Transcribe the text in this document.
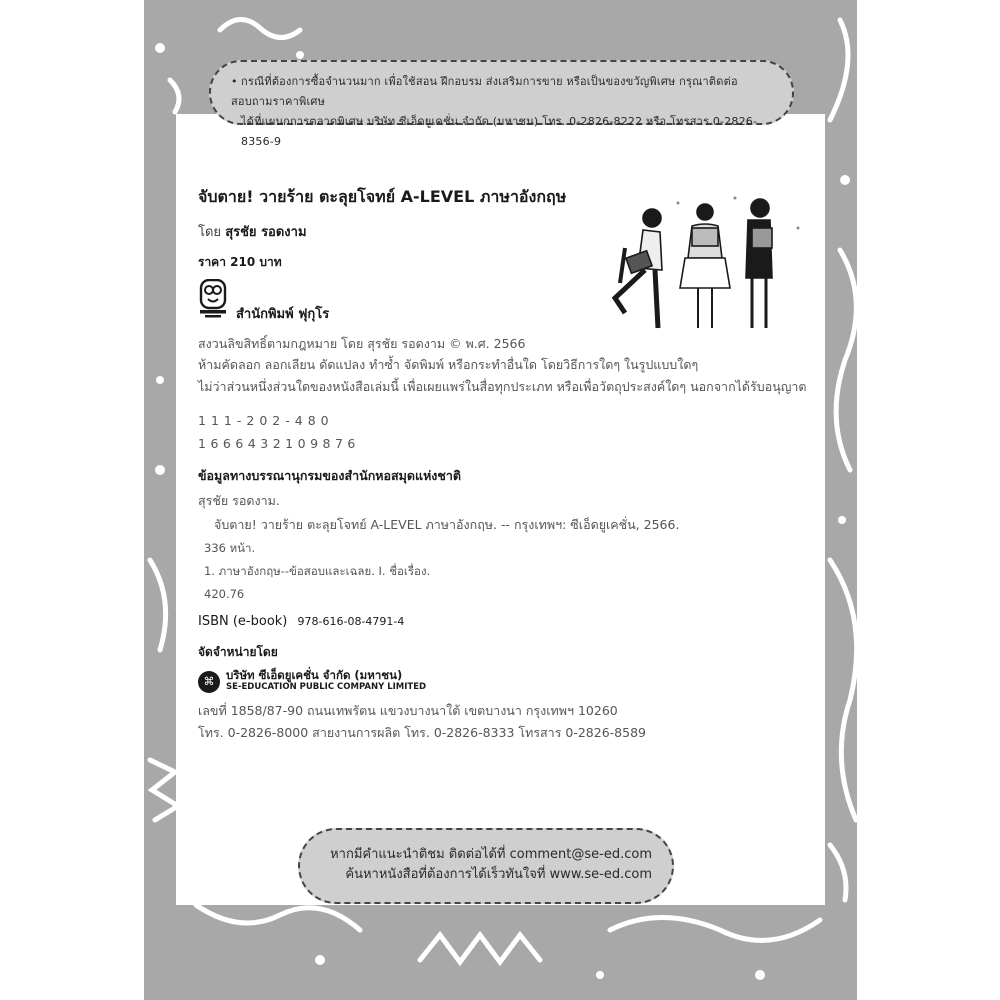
• กรณีที่ต้องการซื้อจำนวนมาก เพื่อใช้สอน ฝึกอบรม ส่งเสริมการขาย หรือเป็นของขวัญพิเศษ กรุณาติดต่อสอบถามราคาพิเศษ
ได้ที่แผนกการตลาดพิเศษ บริษัท ซีเอ็ดยูเคชั่น จำกัด (มหาชน) โทร. 0-2826-8222 หรือ โทรสาร 0-2826-8356-9
จับตาย! วายร้าย ตะลุยโจทย์ A-LEVEL ภาษาอังกฤษ
โดย สุรชัย รอดงาม
ราคา 210 บาท
สำนักพิมพ์ ฟุกุโร
สงวนลิขสิทธิ์ตามกฎหมาย โดย สุรชัย รอดงาม © พ.ศ. 2566
ห้ามคัดลอก ลอกเลียน ดัดแปลง ทำซ้ำ จัดพิมพ์ หรือกระทำอื่นใด โดยวิธีการใดๆ ในรูปแบบใดๆ
ไม่ว่าส่วนหนึ่งส่วนใดของหนังสือเล่มนี้ เพื่อเผยแพร่ในสื่อทุกประเภท หรือเพื่อวัตถุประสงค์ใดๆ นอกจากได้รับอนุญาต
111-202-480
1666432109876
ข้อมูลทางบรรณานุกรมของสำนักหอสมุดแห่งชาติ
สุรชัย รอดงาม.
จับตาย! วายร้าย ตะลุยโจทย์ A-LEVEL ภาษาอังกฤษ. -- กรุงเทพฯ: ซีเอ็ดยูเคชั่น, 2566.
336 หน้า.
1. ภาษาอังกฤษ--ข้อสอบและเฉลย. I. ชื่อเรื่อง.
420.76
ISBN (e-book) 978-616-08-4791-4
จัดจำหน่ายโดย
⌘	บริษัท ซีเอ็ดยูเคชั่น จำกัด (มหาชน)
SE-EDUCATION PUBLIC COMPANY LIMITED
เลขที่ 1858/87-90 ถนนเทพรัตน แขวงบางนาใต้ เขตบางนา กรุงเทพฯ 10260
โทร. 0-2826-8000 สายงานการผลิต โทร. 0-2826-8333 โทรสาร 0-2826-8589
หากมีคำแนะนำติชม ติดต่อได้ที่ comment@se-ed.com
ค้นหาหนังสือที่ต้องการได้เร็วทันใจที่ www.se-ed.com
